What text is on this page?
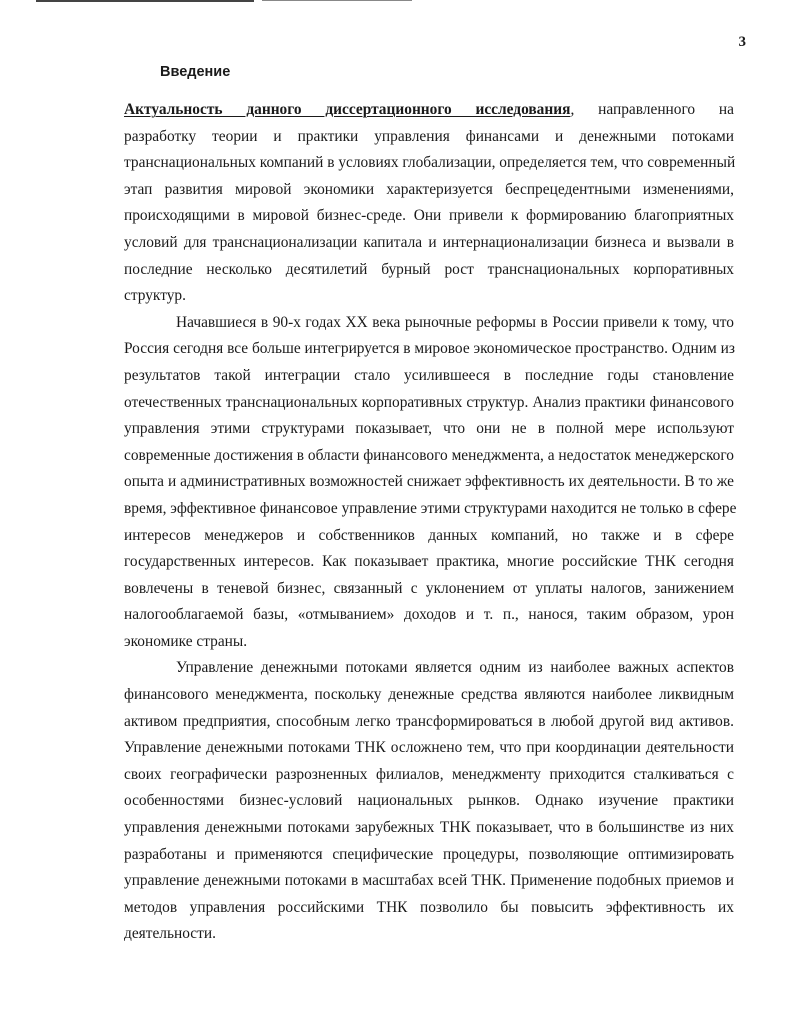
3
Введение
Актуальность данного диссертационного исследования, направленного на
разработку теории и практики управления финансами и денежными потоками
транснациональных компаний в условиях глобализации, определяется тем, что современный
этап развития мировой экономики характеризуется беспрецедентными изменениями,
происходящими в мировой бизнес-среде. Они привели к формированию благоприятных
условий для транснационализации капитала и интернационализации бизнеса и вызвали в
последние несколько десятилетий бурный рост транснациональных корпоративных
структур.
Начавшиеся в 90-х годах XX века рыночные реформы в России привели к тому, что
Россия сегодня все больше интегрируется в мировое экономическое пространство. Одним из
результатов такой интеграции стало усилившееся в последние годы становление
отечественных транснациональных корпоративных структур. Анализ практики финансового
управления этими структурами показывает, что они не в полной мере используют
современные достижения в области финансового менеджмента, а недостаток менеджерского
опыта и административных возможностей снижает эффективность их деятельности. В то же
время, эффективное финансовое управление этими структурами находится не только в сфере
интересов менеджеров и собственников данных компаний, но также и в сфере
государственных интересов. Как показывает практика, многие российские ТНК сегодня
вовлечены в теневой бизнес, связанный с уклонением от уплаты налогов, занижением
налогооблагаемой базы, «отмыванием» доходов и т. п., нанося, таким образом, урон
экономике страны.
Управление денежными потоками является одним из наиболее важных аспектов
финансового менеджмента, поскольку денежные средства являются наиболее ликвидным
активом предприятия, способным легко трансформироваться в любой другой вид активов.
Управление денежными потоками ТНК осложнено тем, что при координации деятельности
своих географически разрозненных филиалов, менеджменту приходится сталкиваться с
особенностями бизнес-условий национальных рынков. Однако изучение практики
управления денежными потоками зарубежных ТНК показывает, что в большинстве из них
разработаны и применяются специфические процедуры, позволяющие оптимизировать
управление денежными потоками в масштабах всей ТНК. Применение подобных приемов и
методов управления российскими ТНК позволило бы повысить эффективность их
деятельности.
